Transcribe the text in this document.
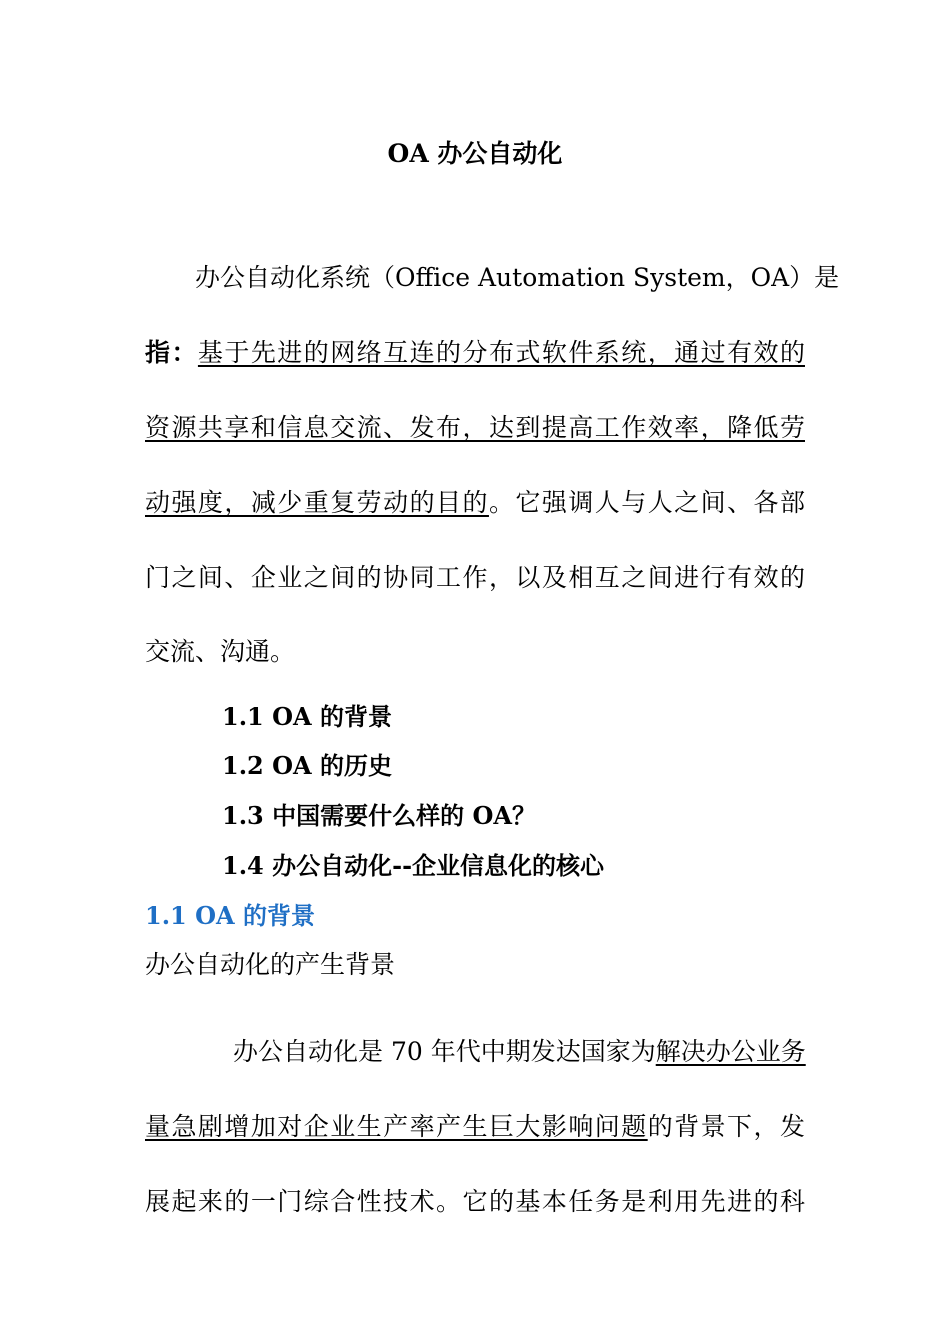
OA 办公自动化
办公自动化系统（Office Automation System，OA）是
指：基于先进的网络互连的分布式软件系统，通过有效的
资源共享和信息交流、发布，达到提高工作效率，降低劳
动强度，减少重复劳动的目的。它强调人与人之间、各部
门之间、企业之间的协同工作，以及相互之间进行有效的
交流、沟通。
1.1 OA 的背景
1.2 OA 的历史
1.3 中国需要什么样的 OA？
1.4 办公自动化--企业信息化的核心
1.1 OA 的背景
办公自动化的产生背景
办公自动化是 70 年代中期发达国家为解决办公业务
量急剧增加对企业生产率产生巨大影响问题的背景下，发
展起来的一门综合性技术。它的基本任务是利用先进的科
